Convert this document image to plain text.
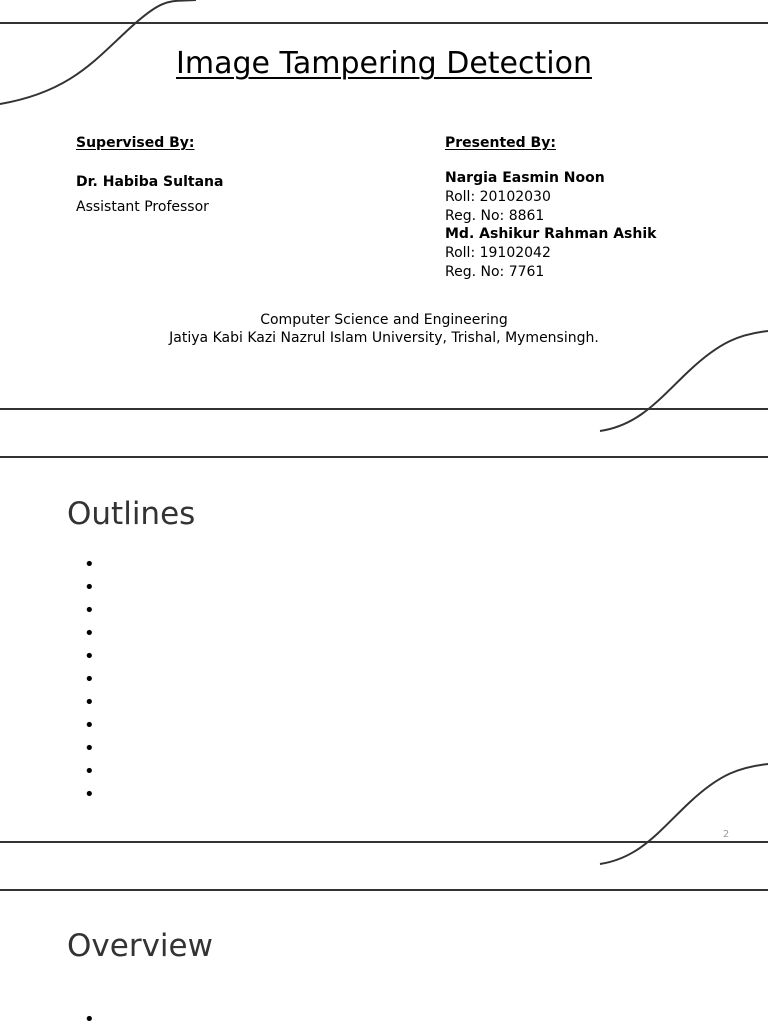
Image Tampering Detection
Supervised By:
Dr. Habiba Sultana
Assistant Professor
Presented By:
Nargia Easmin Noon
Roll: 20102030
Reg. No: 8861
Md. Ashikur Rahman Ashik
Roll: 19102042
Reg. No: 7761
Computer Science and Engineering
Jatiya Kabi Kazi Nazrul Islam University, Trishal, Mymensingh.
Outlines
•
•
•
•
•
•
•
•
•
•
•
2
Overview
•
